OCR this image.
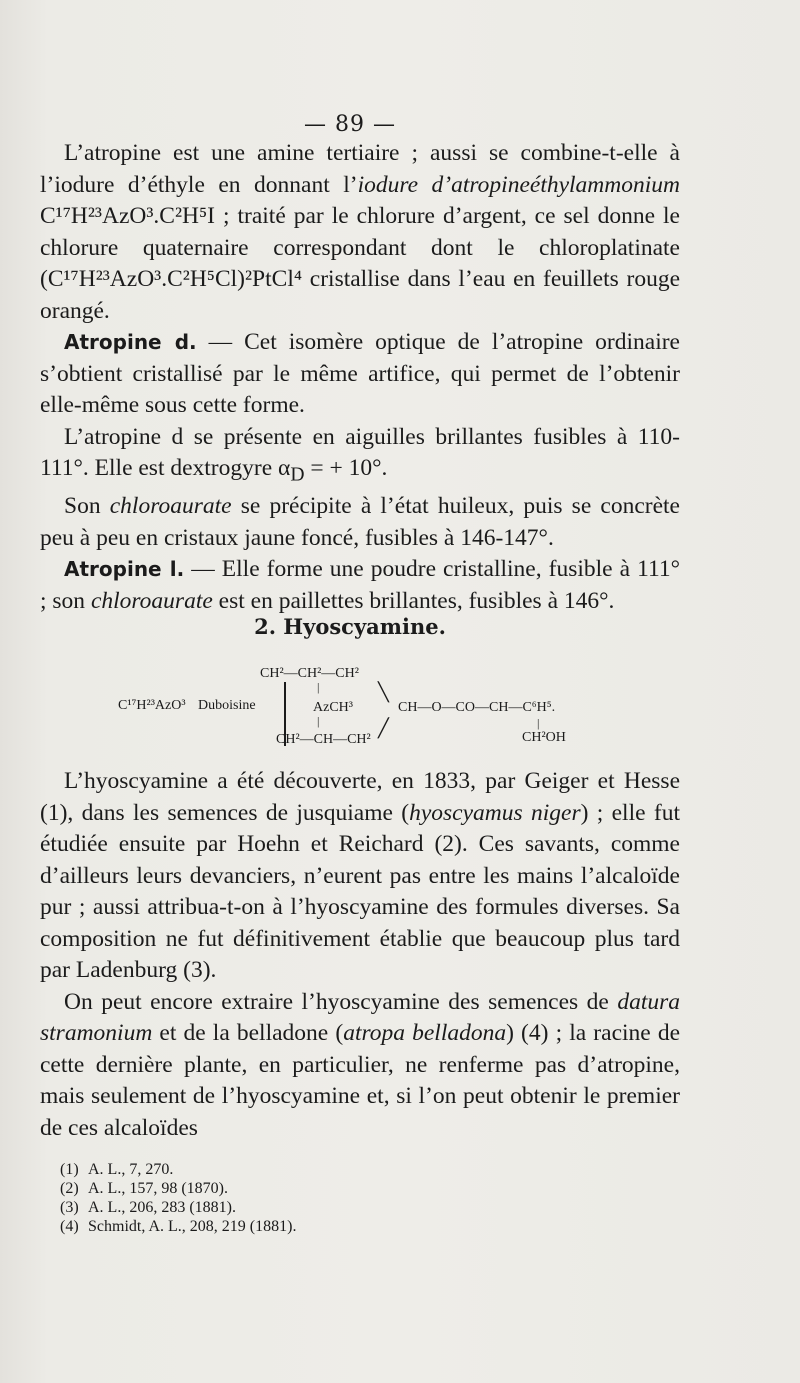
— 89 —

L’atropine est une amine tertiaire ; aussi se combine-t-elle à l’iodure d’éthyle en donnant l’iodure d’atropineéthylammonium C¹⁷H²³AzO³.C²H⁵I ; traité par le chlorure d’argent, ce sel donne le chlorure quaternaire correspondant dont le chloroplatinate (C¹⁷H²³AzO³.C²H⁵Cl)²PtCl⁴ cristallise dans l’eau en feuillets rouge orangé.

Atropine d. — Cet isomère optique de l’atropine ordinaire s’obtient cristallisé par le même artifice, qui permet de l’obtenir elle-même sous cette forme.

L’atropine d se présente en aiguilles brillantes fusibles à 110-111°. Elle est dextrogyre $\alpha_D$ = + 10°.

Son chloroaurate se précipite à l’état huileux, puis se concrète peu à peu en cristaux jaune foncé, fusibles à 146-147°.

Atropine l. — Elle forme une poudre cristalline, fusible à 111° ; son chloroaurate est en paillettes brillantes, fusibles à 146°.

2. Hyoscyamine.
CH²—CH²—CH²
C¹⁷H²³AzO³ Duboisine
|
AzCH³
|
╲
╱
CH—O—CO—CH—C⁶H⁵.
|
CH²OH
CH²—CH—CH²

L’hyoscyamine a été découverte, en 1833, par Geiger et Hesse (1), dans les semences de jusquiame (hyoscyamus niger) ; elle fut étudiée ensuite par Hoehn et Reichard (2). Ces savants, comme d’ailleurs leurs devanciers, n’eurent pas entre les mains l’alcaloïde pur ; aussi attribua-t-on à l’hyoscyamine des formules diverses. Sa composition ne fut définitivement établie que beaucoup plus tard par Ladenburg (3).

On peut encore extraire l’hyoscyamine des semences de datura stramonium et de la belladone (atropa belladona) (4) ; la racine de cette dernière plante, en particulier, ne renferme pas d’atropine, mais seulement de l’hyoscyamine et, si l’on peut obtenir le premier de ces alcaloïdes

(1) A. L., 7, 270.
(2) A. L., 157, 98 (1870).
(3) A. L., 206, 283 (1881).
(4) Schmidt, A. L., 208, 219 (1881).
